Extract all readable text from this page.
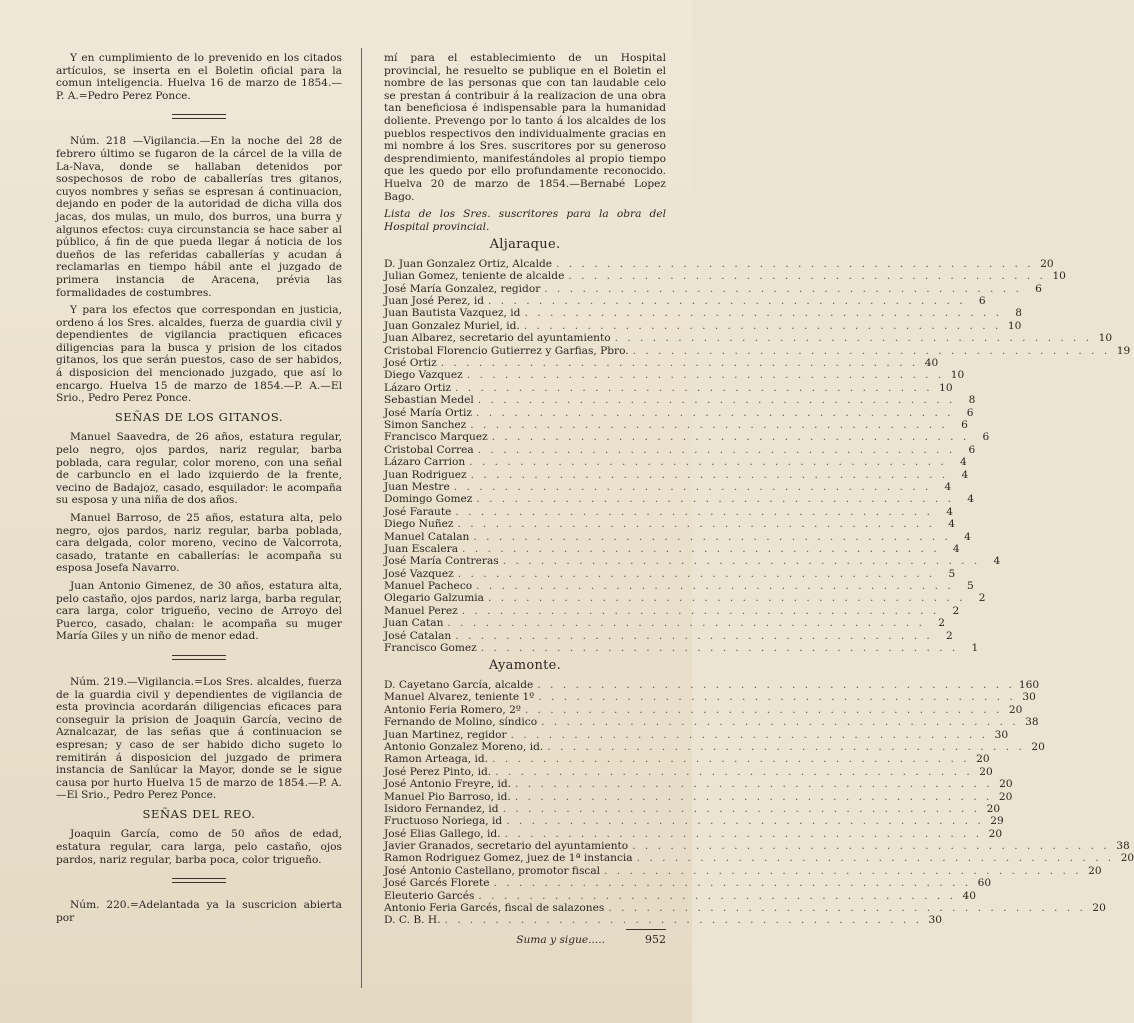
Y en cumplimiento de lo prevenido en los citados artículos, se inserta en el Boletin oficial para la comun inteligencia. Huelva 16 de marzo de 1854.—P. A.=Pedro Perez Ponce.

Núm. 218 —Vigilancia.—En la noche del 28 de febrero último se fugaron de la cárcel de la villa de La-Nava, donde se hallaban detenidos por sospechosos de robo de caballerías tres gitanos, cuyos nombres y señas se espresan á continuacion, dejando en poder de la autoridad de dicha villa dos jacas, dos mulas, un mulo, dos burros, una burra y algunos efectos: cuya circunstancia se hace saber al público, á fin de que pueda llegar á noticia de los dueños de las referidas caballerías y acudan á reclamarlas en tiempo hábil ante el juzgado de primera instancia de Aracena, prévia las formalidades de costumbres.

Y para los efectos que correspondan en justicia, ordeno á los Sres. alcaldes, fuerza de guardia civil y dependientes de vigilancia practiquen eficaces diligencias para la busca y prision de los citados gitanos, los que serán puestos, caso de ser habidos, á disposicion del mencionado juzgado, que así lo encargo. Huelva 15 de marzo de 1854.—P. A.—El Srio., Pedro Perez Ponce.

SEÑAS DE LOS GITANOS.

Manuel Saavedra, de 26 años, estatura regular, pelo negro, ojos pardos, nariz regular, barba poblada, cara regular, color moreno, con una señal de carbunclo en el lado izquierdo de la frente, vecino de Badajoz, casado, esquilador: le acompaña su esposa y una niña de dos años.

Manuel Barroso, de 25 años, estatura alta, pelo negro, ojos pardos, nariz regular, barba poblada, cara delgada, color moreno, vecino de Valcorrota, casado, tratante en caballerías: le acompaña su esposa Josefa Navarro.

Juan Antonio Gimenez, de 30 años, estatura alta, pelo castaño, ojos pardos, nariz larga, barba regular, cara larga, color trigueño, vecino de Arroyo del Puerco, casado, chalan: le acompaña su muger María Giles y un niño de menor edad.

Núm. 219.—Vigilancia.=Los Sres. alcaldes, fuerza de la guardia civil y dependientes de vigilancia de esta provincia acordarán diligencias eficaces para conseguir la prision de Joaquin García, vecino de Aznalcazar, de las señas que á continuacion se espresan; y caso de ser habido dicho sugeto lo remitirán á disposicion del juzgado de primera instancia de Sanlúcar la Mayor, donde se le sigue causa por hurto Huelva 15 de marzo de 1854.—P. A.—El Srio., Pedro Perez Ponce.

SEÑAS DEL REO.

Joaquin García, como de 50 años de edad, estatura regular, cara larga, pelo castaño, ojos pardos, nariz regular, barba poca, color trigueño.

Núm. 220.=Adelantada ya la suscricion abierta por

mí para el establecimiento de un Hospital provincial, he resuelto se publique en el Boletin el nombre de las personas que con tan laudable celo se prestan á contribuir á la realizacion de una obra tan beneficiosa é indispensable para la humanidad doliente. Prevengo por lo tanto á los alcaldes de los pueblos respectivos den individualmente gracias en mi nombre á los Sres. suscritores por su generoso desprendimiento, manifestándoles al propio tiempo que les quedo por ello profundamente reconocido. Huelva 20 de marzo de 1854.—Bernabé Lopez Bago.

Lista de los Sres. suscritores para la obra del Hospital provincial.

Aljaraque.
D. Juan Gonzalez Ortiz, Alcalde . . .	20
Julian Gomez, teniente de alcalde . . .	10
José María Gonzalez, regidor . . .	6
Juan José Perez, id . . .	6
Juan Bautista Vazquez, id . . .	8
Juan Gonzalez Muriel, id. . . .	10
Juan Albarez, secretario del ayuntamiento . . .	10
Cristobal Florencio Gutierrez y Garfias, Pbro. . . .	19
José Ortiz . . .	40
Diego Vazquez . . .	10
Lázaro Ortiz . . .	10
Sebastian Medel . . .	8
José María Ortiz . . .	6
Simon Sanchez . . .	6
Francisco Marquez . . .	6
Cristobal Correa . . .	6
Lázaro Carrion . . .	4
Juan Rodriguez . . .	4
Juan Mestre . . .	4
Domingo Gomez . . .	4
José Faraute . . .	4
Diego Nuñez . . .	4
Manuel Catalan . . .	4
Juan Escalera . . .	4
José María Contreras . . .	4
José Vazquez . . .	5
Manuel Pacheco . . .	5
Olegario Galzumia . . .	2
Manuel Perez . . .	2
Juan Catan . . .	2
José Catalan . . .	2
Francisco Gomez . . .	1
Ayamonte.
D. Cayetano García, alcalde . . .	160
Manuel Alvarez, teniente 1º . . .	30
Antonio Feria Romero, 2º . . .	20
Fernando de Molino, síndico . . .	38
Juan Martinez, regidor . . .	30
Antonio Gonzalez Moreno, id. . . .	20
Ramon Arteaga, id. . . .	20
José Perez Pinto, id. . . .	20
José Antonio Freyre, id. . . .	20
Manuel Pio Barroso, id. . . .	20
Isidoro Fernandez, id . . .	20
Fructuoso Noriega, id . . .	29
José Elias Gallego, id. . . .	20
Javier Granados, secretario del ayuntamiento . . .	38
Ramon Rodriguez Gomez, juez de 1ª instancia . . .	20
José Antonio Castellano, promotor fiscal . . .	20
José Garcés Florete . . .	60
Eleuterio Garcés . . .	40
Antonio Feria Garcés, fiscal de salazones . . .	20
D. C. B. H. . . .	30
Suma y sigue.....	952
